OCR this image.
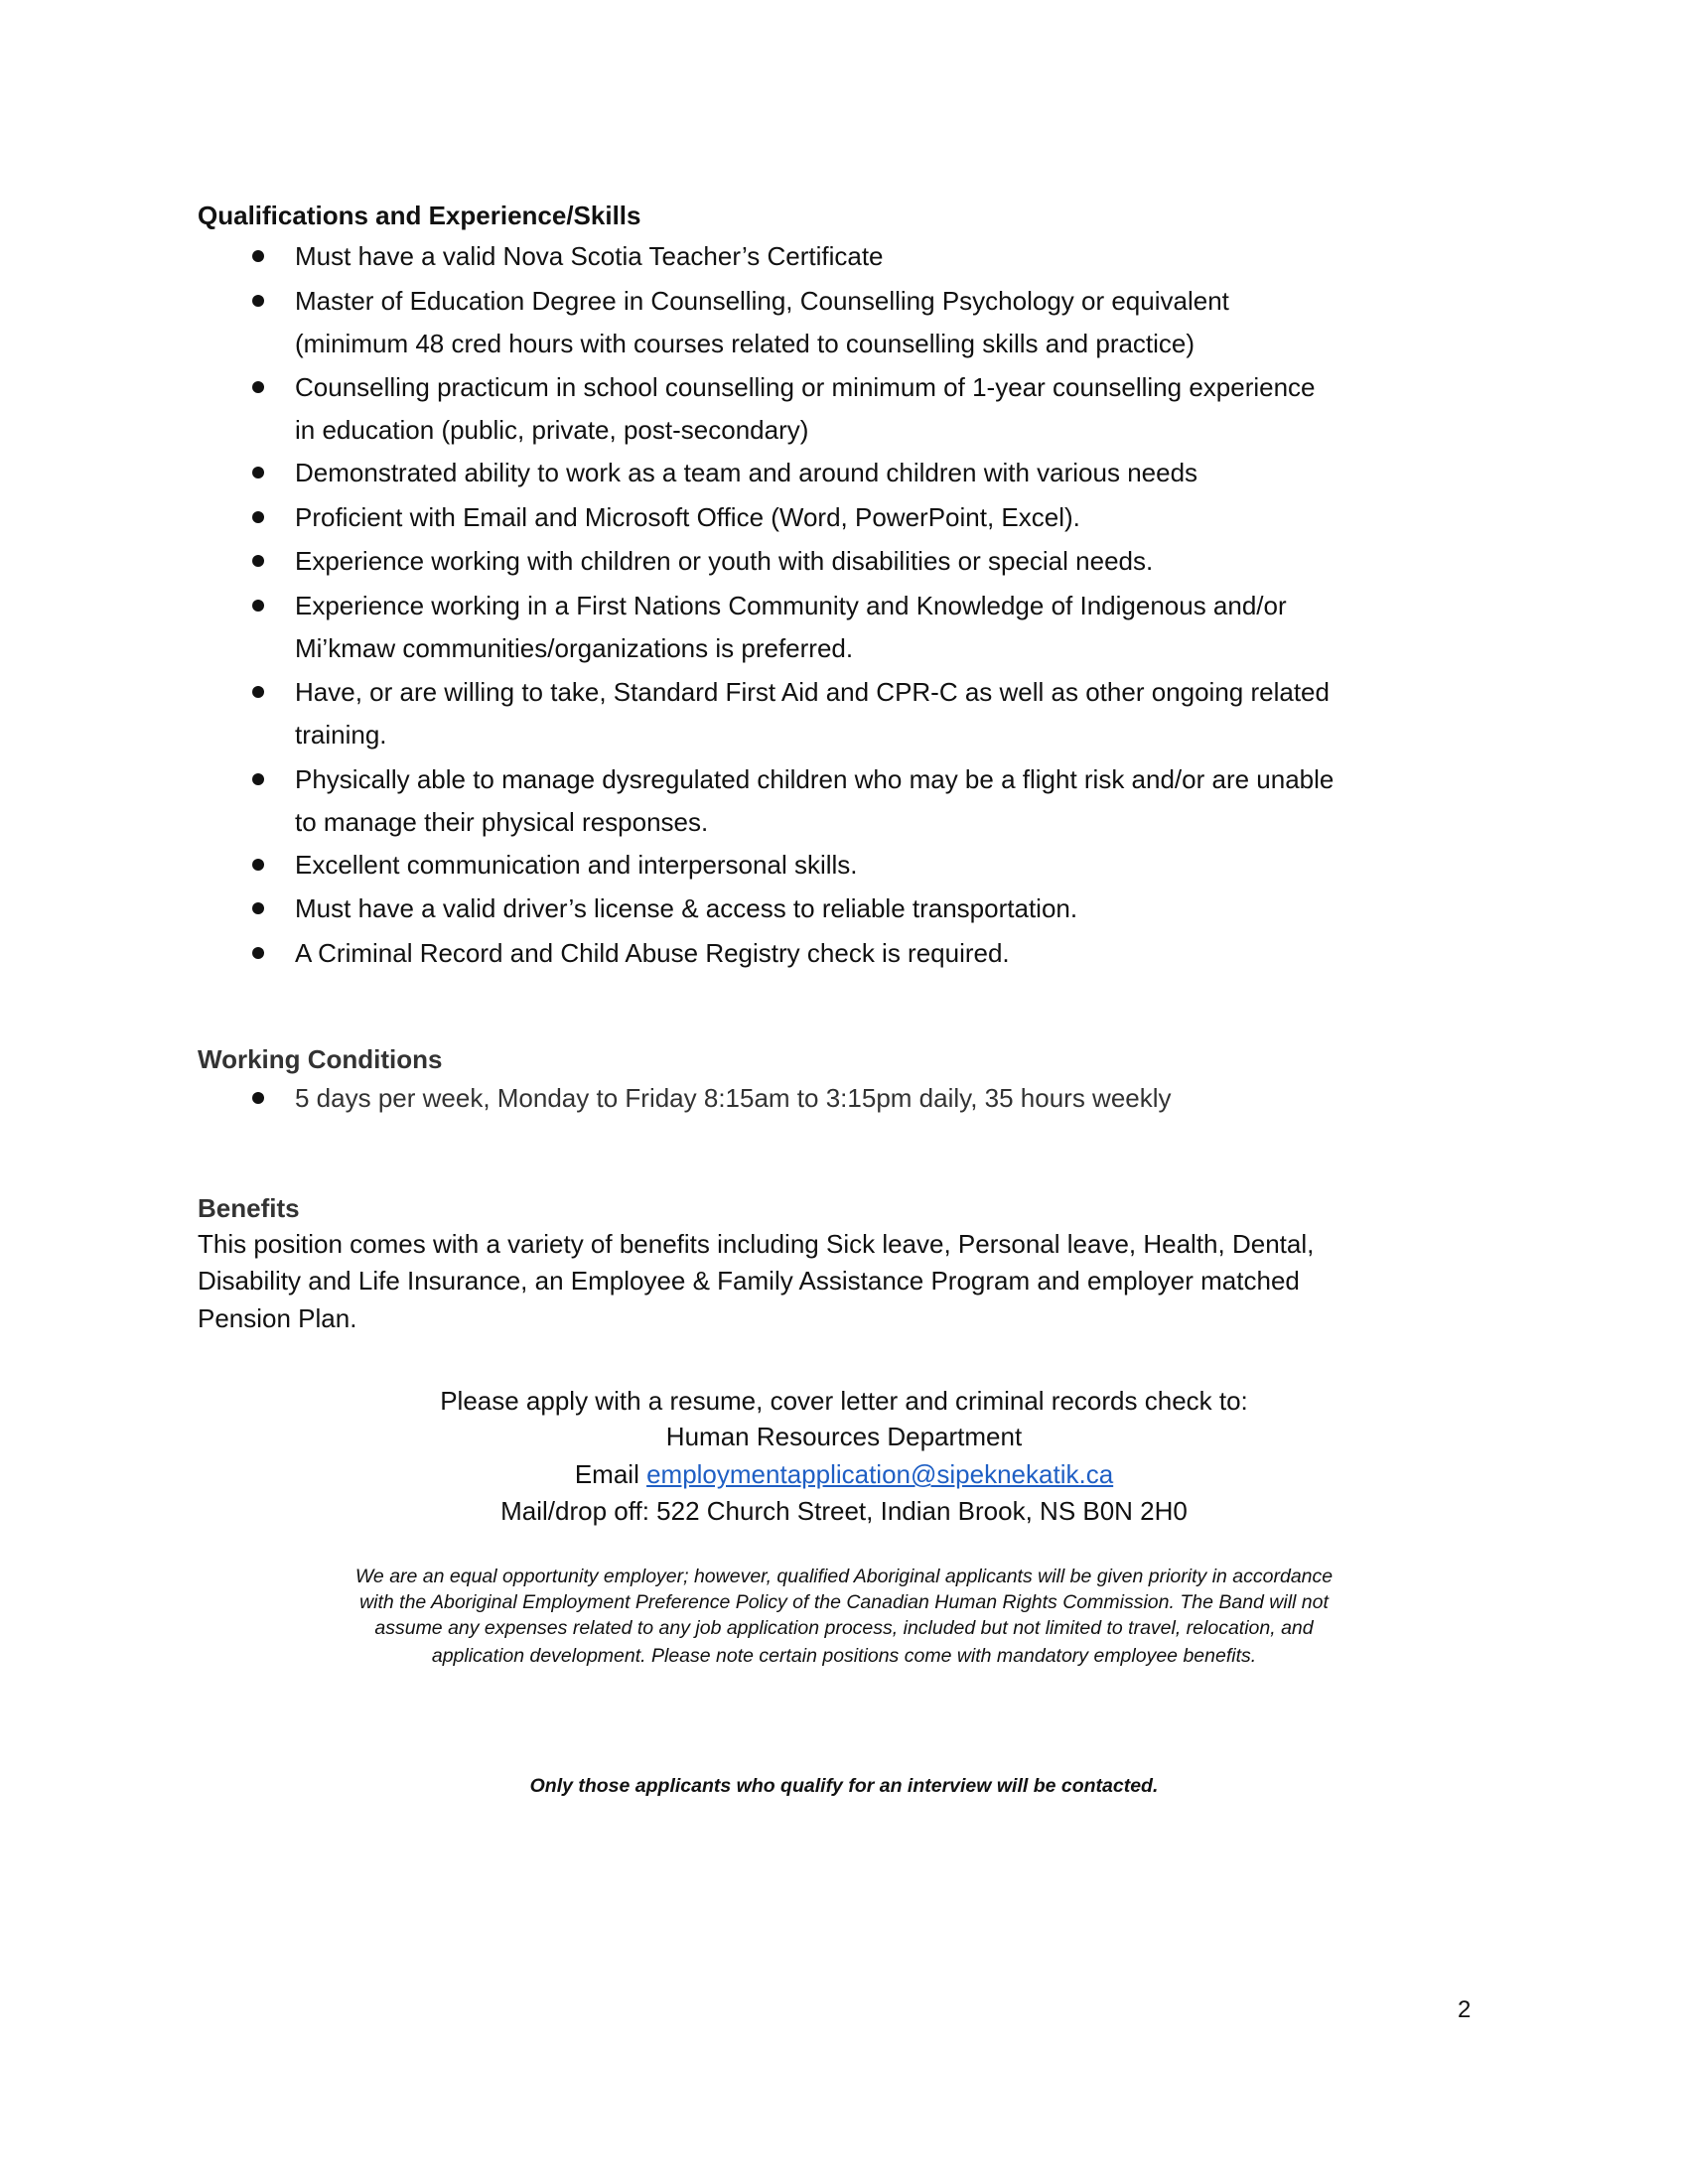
Qualifications and Experience/Skills
Must have a valid Nova Scotia Teacher’s Certificate
Master of Education Degree in Counselling, Counselling Psychology or equivalent
(minimum 48 cred hours with courses related to counselling skills and practice)
Counselling practicum in school counselling or minimum of 1-year counselling experience
in education (public, private, post-secondary)
Demonstrated ability to work as a team and around children with various needs
Proficient with Email and Microsoft Office (Word, PowerPoint, Excel).
Experience working with children or youth with disabilities or special needs.
Experience working in a First Nations Community and Knowledge of Indigenous and/or
Mi’kmaw communities/organizations is preferred.
Have, or are willing to take, Standard First Aid and CPR-C as well as other ongoing related
training.
Physically able to manage dysregulated children who may be a flight risk and/or are unable
to manage their physical responses.
Excellent communication and interpersonal skills.
Must have a valid driver’s license & access to reliable transportation.
A Criminal Record and Child Abuse Registry check is required.
Working Conditions
5 days per week, Monday to Friday 8:15am to 3:15pm daily, 35 hours weekly
Benefits
This position comes with a variety of benefits including Sick leave, Personal leave, Health, Dental,
Disability and Life Insurance, an Employee & Family Assistance Program and employer matched
Pension Plan.
Please apply with a resume, cover letter and criminal records check to:
Human Resources Department
Email employmentapplication@sipeknekatik.ca
Mail/drop off: 522 Church Street, Indian Brook, NS B0N 2H0
We are an equal opportunity employer; however, qualified Aboriginal applicants will be given priority in accordance
with the Aboriginal Employment Preference Policy of the Canadian Human Rights Commission. The Band will not
assume any expenses related to any job application process, included but not limited to travel, relocation, and
application development. Please note certain positions come with mandatory employee benefits.
Only those applicants who qualify for an interview will be contacted.
2
